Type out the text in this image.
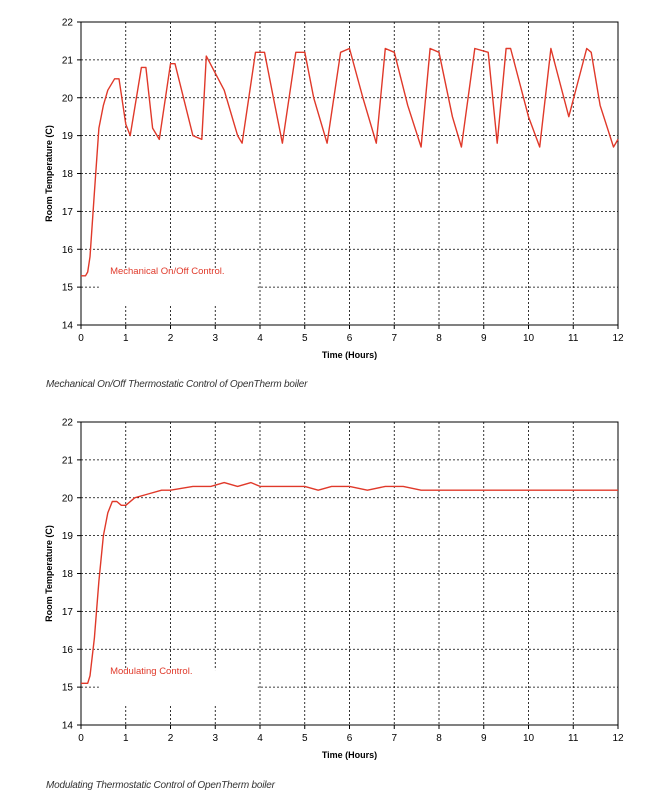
0	1	2	3	4	5	6	7	8	9	10	11	12
14
15
16
17
18
19
20
21
22
Time (Hours)
Room Temperature (C)
Mechanical On/Off Control.
Mechanical On/Off Thermostatic Control of OpenTherm boiler
0	1	2	3	4	5	6	7	8	9	10	11	12
14
15
16
17
18
19
20
21
22
Time (Hours)
Room Temperature (C)
Modulating Control.
Modulating Thermostatic Control of OpenTherm boiler
